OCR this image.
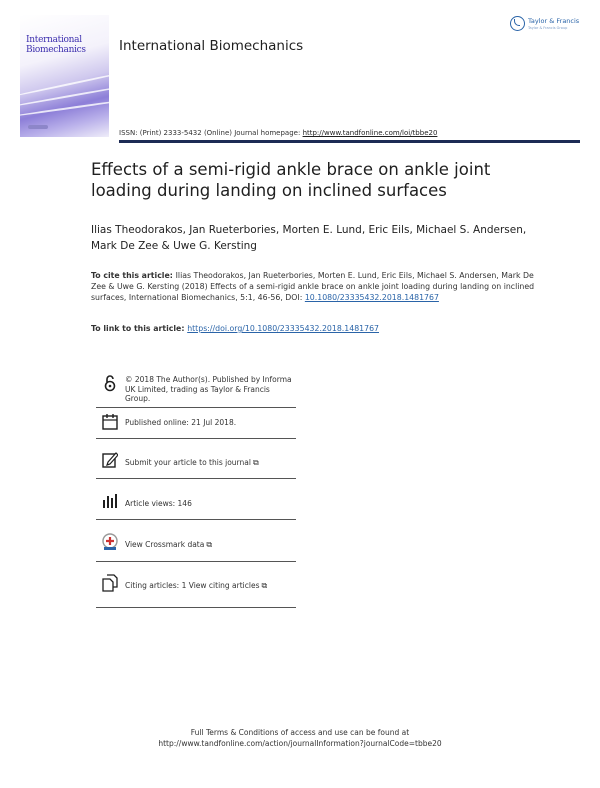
International Biomechanics	International Biomechanics
Taylor & Francis
Taylor & Francis Group
ISSN: (Print) 2333-5432 (Online) Journal homepage: http://www.tandfonline.com/loi/tbbe20
Effects of a semi-rigid ankle brace on ankle joint loading during landing on inclined surfaces
Ilias Theodorakos, Jan Rueterbories, Morten E. Lund, Eric Eils, Michael S. Andersen, Mark De Zee & Uwe G. Kersting
To cite this article: Ilias Theodorakos, Jan Rueterbories, Morten E. Lund, Eric Eils, Michael S. Andersen, Mark De Zee & Uwe G. Kersting (2018) Effects of a semi-rigid ankle brace on ankle joint loading during landing on inclined surfaces, International Biomechanics, 5:1, 46-56, DOI: 10.1080/23335432.2018.1481767
To link to this article: https://doi.org/10.1080/23335432.2018.1481767
© 2018 The Author(s). Published by Informa UK Limited, trading as Taylor & Francis Group.
Published online: 21 Jul 2018.
Submit your article to this journal ⧉
Article views: 146
View Crossmark data ⧉
Citing articles: 1 View citing articles ⧉
Full Terms & Conditions of access and use can be found at
http://www.tandfonline.com/action/journalInformation?journalCode=tbbe20
